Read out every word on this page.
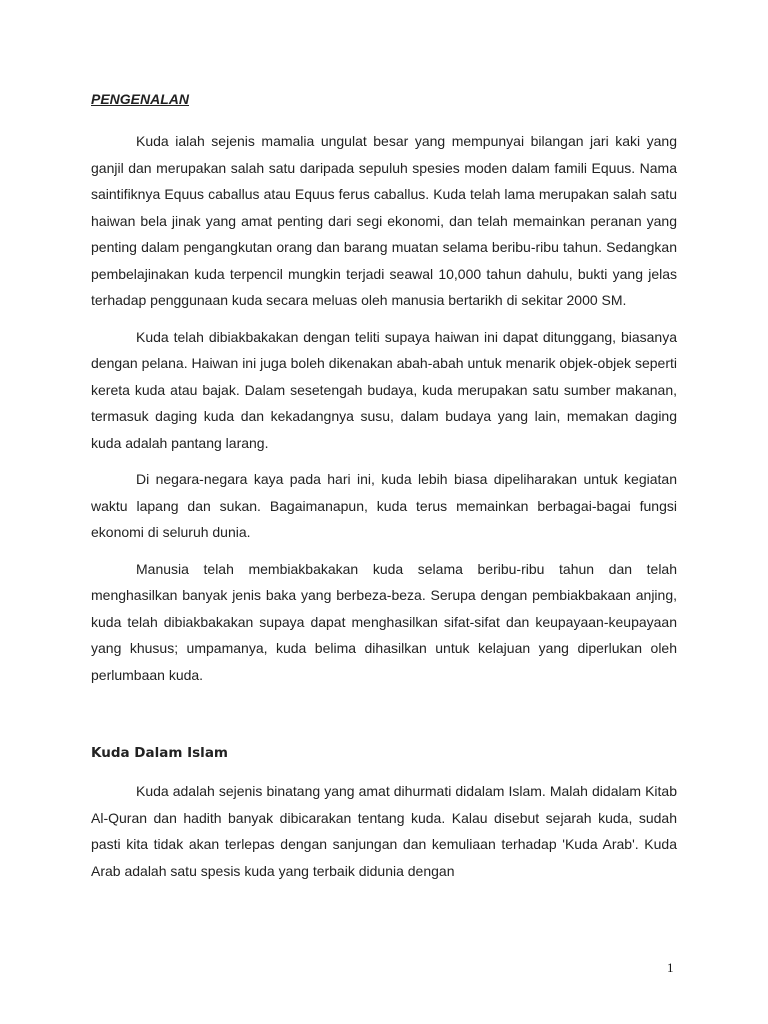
PENGENALAN

Kuda ialah sejenis mamalia ungulat besar yang mempunyai bilangan jari kaki yang ganjil dan merupakan salah satu daripada sepuluh spesies moden dalam famili Equus. Nama saintifiknya Equus caballus atau Equus ferus caballus. Kuda telah lama merupakan salah satu haiwan bela jinak yang amat penting dari segi ekonomi, dan telah memainkan peranan yang penting dalam pengangkutan orang dan barang muatan selama beribu-ribu tahun. Sedangkan pembelajinakan kuda terpencil mungkin terjadi seawal 10,000 tahun dahulu, bukti yang jelas terhadap penggunaan kuda secara meluas oleh manusia bertarikh di sekitar 2000 SM.

Kuda telah dibiakbakakan dengan teliti supaya haiwan ini dapat ditunggang, biasanya dengan pelana. Haiwan ini juga boleh dikenakan abah-abah untuk menarik objek-objek seperti kereta kuda atau bajak. Dalam sesetengah budaya, kuda merupakan satu sumber makanan, termasuk daging kuda dan kekadangnya susu, dalam budaya yang lain, memakan daging kuda adalah pantang larang.

Di negara-negara kaya pada hari ini, kuda lebih biasa dipeliharakan untuk kegiatan waktu lapang dan sukan. Bagaimanapun, kuda terus memainkan berbagai-bagai fungsi ekonomi di seluruh dunia.

Manusia telah membiakbakakan kuda selama beribu-ribu tahun dan telah menghasilkan banyak jenis baka yang berbeza-beza. Serupa dengan pembiakbakaan anjing, kuda telah dibiakbakakan supaya dapat menghasilkan sifat-sifat dan keupayaan-keupayaan yang khusus; umpamanya, kuda belima dihasilkan untuk kelajuan yang diperlukan oleh perlumbaan kuda.

Kuda Dalam Islam

Kuda adalah sejenis binatang yang amat dihurmati didalam Islam. Malah didalam Kitab Al-Quran dan hadith banyak dibicarakan tentang kuda. Kalau disebut sejarah kuda, sudah pasti kita tidak akan terlepas dengan sanjungan dan kemuliaan terhadap 'Kuda Arab'. Kuda Arab adalah satu spesis kuda yang terbaik didunia dengan

1
